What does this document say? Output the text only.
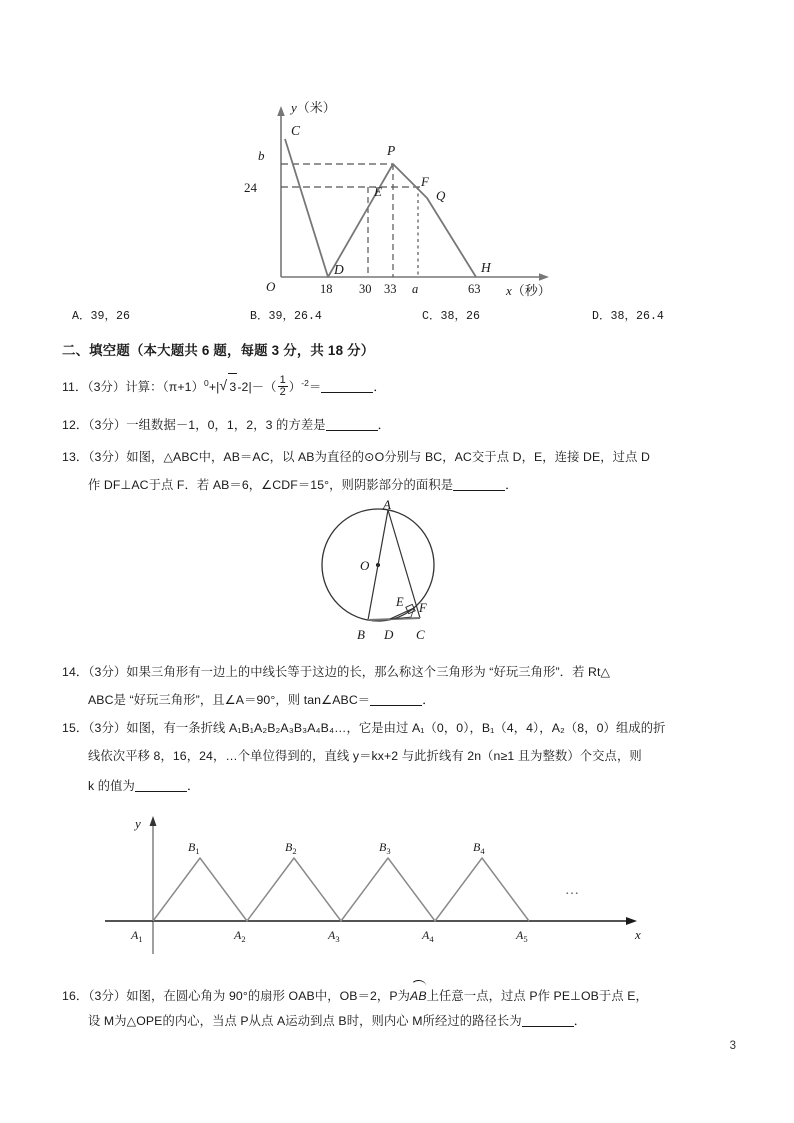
b
24
O	18 30 33 a	63
C
D
P
E
F
Q
H
y（米）
x（秒）
A．39，26	B．39，26.4	C．38，26	D．38，26.4
二、填空题（本大题共 6 题，每题 3 分，共 18 分）
11．（3分）计算：$(\pi+1)^0+|$ √ $3-2|-( \frac{1}{2} )^{-2}=$	．
12．（3分）一组数据－1，0，1，2，3 的方差是	．
13．（3分）如图，△ABC中，AB＝AC，以 AB为直径的⊙O分别与 BC，AC交于点 D，E，连接 DE，过点 D
作 DF⊥AC于点 F．若 AB＝6，∠CDF＝15°，则阴影部分的面积是	．
14．（3分）如果三角形有一边上的中线长等于这边的长，那么称这个三角形为 “好玩三角形”．若 Rt△
ABC是 “好玩三角形”，且∠A＝90°，则 tan∠ABC＝	．
15．（3分）如图，有一条折线 A₁B₁A₂B₂A₃B₃A₄B₄…，它是由过 A₁（0，0），B₁（4，4），A₂（8，0）组成的折
线依次平移 8，16，24，…个单位得到的，直线 y＝kx+2 与此折线有 2n（n≥1 且为整数）个交点，则
k 的值为	．
16．（3分）如图，在圆心角为 90°的扇形 OAB中，OB＝2，P为AB上任意一点，过点 P作 PE⊥OB于点 E，
设 M为△OPE的内心，当点 P从点 A运动到点 B时，则内心 M所经过的路径长为	．
A
O
B D C
E F
…
y
x
$B_1$	$B_2$	$B_3$	$B_4$
$A_1$	$A_2$	$A_3$	$A_4$	$A_5$
3
